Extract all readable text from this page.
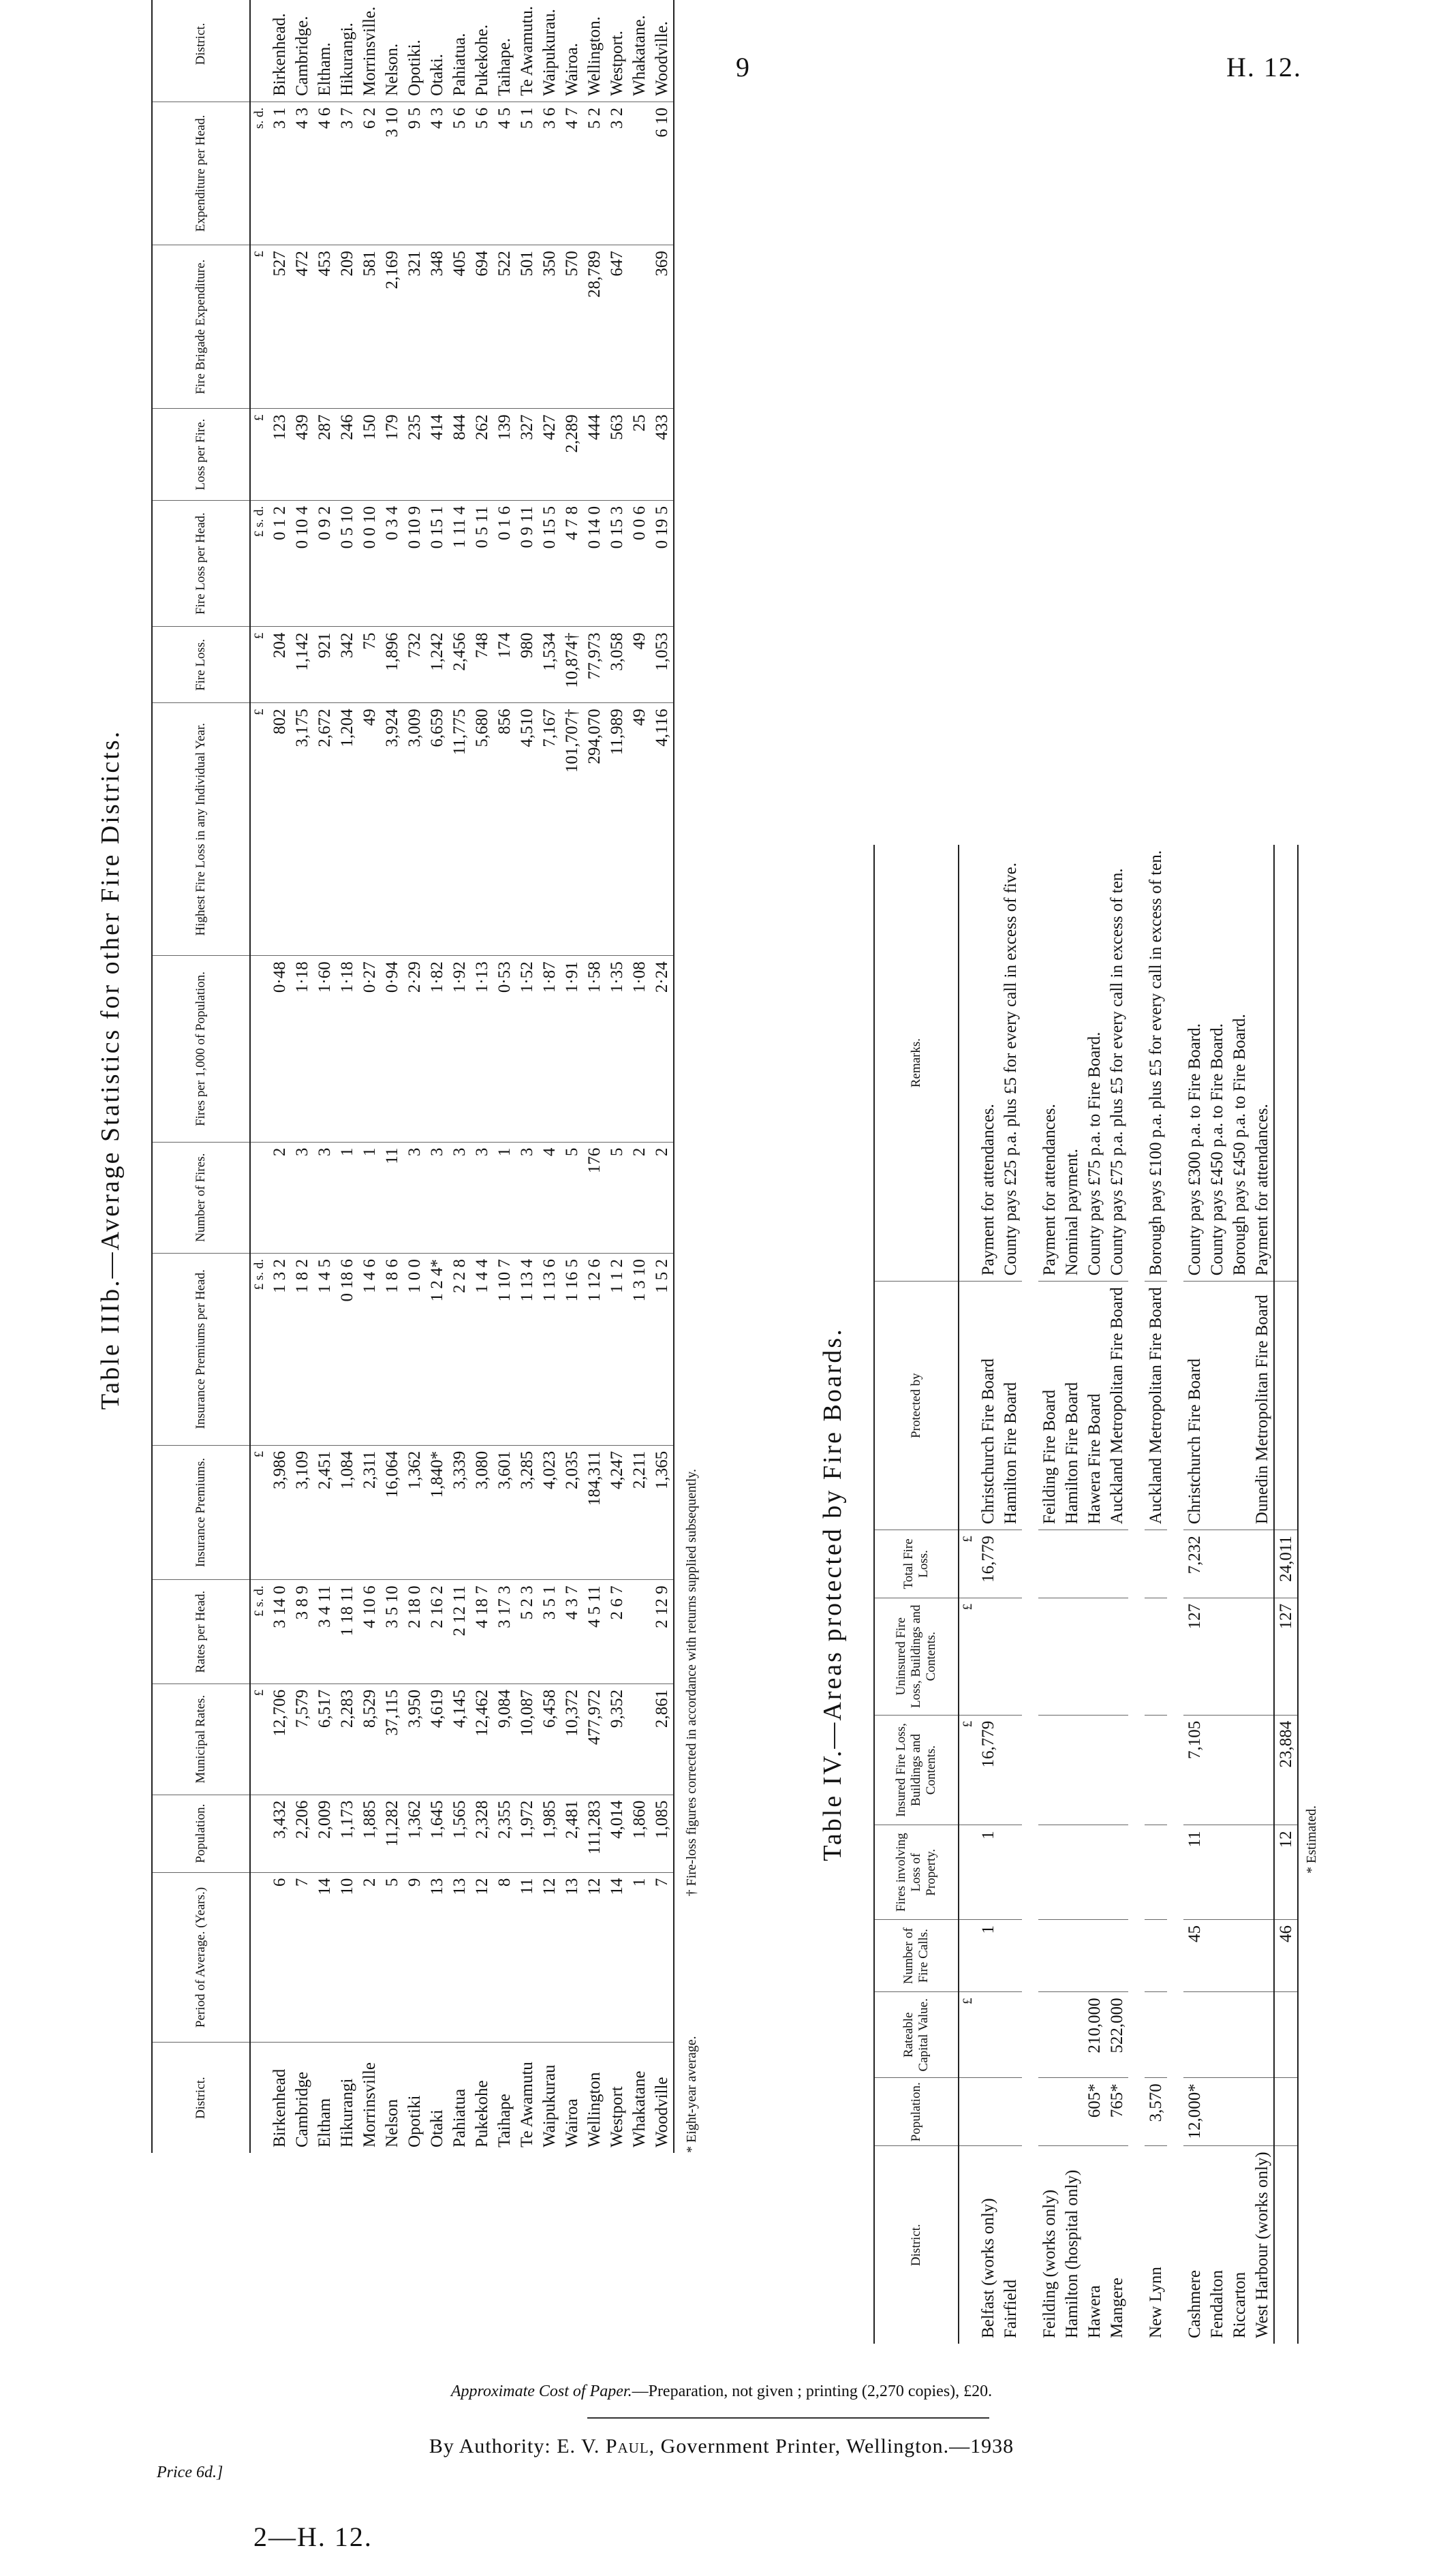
9	H. 12.
Table IIIb.—Average Statistics for other Fire Districts.
District.	Period of Average. (Years.)	Population.	Municipal Rates.	Rates per Head.	Insurance Premiums.	Insurance Premiums per Head.	Number of Fires.	Fires per 1,000 of Population.	Highest Fire Loss in any Individual Year.	Fire Loss.	Fire Loss per Head.	Loss per Fire.	Fire Brigade Expenditure.	Expenditure per Head.	District.
			£	£ s. d.	£	£ s. d.			£	£	£ s. d.	£	£	s. d.	
Birkenhead	6	3,432	12,706	3 14 0	3,986	1 3 2	2	0·48	802	204	0 1 2	123	527	3 1	Birkenhead.
Cambridge	7	2,206	7,579	3 8 9	3,109	1 8 2	3	1·18	3,175	1,142	0 10 4	439	472	4 3	Cambridge.
Eltham	14	2,009	6,517	3 4 11	2,451	1 4 5	3	1·60	2,672	921	0 9 2	287	453	4 6	Eltham.
Hikurangi	10	1,173	2,283	1 18 11	1,084	0 18 6	1	1·18	1,204	342	0 5 10	246	209	3 7	Hikurangi.
Morrinsville	2	1,885	8,529	4 10 6	2,311	1 4 6	1	0·27	49	75	0 0 10	150	581	6 2	Morrinsville.
Nelson	5	11,282	37,115	3 5 10	16,064	1 8 6	11	0·94	3,924	1,896	0 3 4	179	2,169	3 10	Nelson.
Opotiki	9	1,362	3,950	2 18 0	1,362	1 0 0	3	2·29	3,009	732	0 10 9	235	321	9 5	Opotiki.
Otaki	13	1,645	4,619	2 16 2	1,840*	1 2 4*	3	1·82	6,659	1,242	0 15 1	414	348	4 3	Otaki.
Pahiatua	13	1,565	4,145	2 12 11	3,339	2 2 8	3	1·92	11,775	2,456	1 11 4	844	405	5 6	Pahiatua.
Pukekohe	12	2,328	12,462	4 18 7	3,080	1 4 4	3	1·13	5,680	748	0 5 11	262	694	5 6	Pukekohe.
Taihape	8	2,355	9,084	3 17 3	3,601	1 10 7	1	0·53	856	174	0 1 6	139	522	4 5	Taihape.
Te Awamutu	11	1,972	10,087	5 2 3	3,285	1 13 4	3	1·52	4,510	980	0 9 11	327	501	5 1	Te Awamutu.
Waipukurau	12	1,985	6,458	3 5 1	4,023	1 13 6	4	1·87	7,167	1,534	0 15 5	427	350	3 6	Waipukurau.
Wairoa	13	2,481	10,372	4 3 7	2,035	1 16 5	5	1·91	101,707†	10,874†	4 7 8	2,289	570	4 7	Wairoa.
Wellington	12	111,283	477,972	4 5 11	184,311	1 12 6	176	1·58	294,070	77,973	0 14 0	444	28,789	5 2	Wellington.
Westport	14	4,014	9,352	2 6 7	4,247	1 1 2	5	1·35	11,989	3,058	0 15 3	563	647	3 2	Westport.
Whakatane	1	1,860			2,211	1 3 10	2	1·08	49	49	0 0 6	25			Whakatane.
Woodville	7	1,085	2,861	2 12 9	1,365	1 5 2	2	2·24	4,116	1,053	0 19 5	433	369	6 10	Woodville.
* Eight-year average. † Fire-loss figures corrected in accordance with returns supplied subsequently.	Table IV.—Areas protected by Fire Boards.
District.	Population.	Rateable Capital Value.	Number of Fire Calls.	Fires involving Loss of Property.	Insured Fire Loss, Buildings and Contents.	Uninsured Fire Loss, Buildings and Contents.	Total Fire Loss.	Protected by	Remarks.
		£			£	£	£		
Belfast (works only)			1	1	16,779		16,779	Christchurch Fire Board	Payment for attendances.
Fairfield								Hamilton Fire Board	County pays £25 p.a. plus £5 for every call in excess of five.

Feilding (works only)								Feilding Fire Board	Payment for attendances.
Hamilton (hospital only)								Hamilton Fire Board	Nominal payment.
Hawera	605*	210,000						Hawera Fire Board	County pays £75 p.a. to Fire Board.
Mangere	765*	522,000						Auckland Metropolitan Fire Board	County pays £75 p.a. plus £5 for every call in excess of ten.

New Lynn	3,570							Auckland Metropolitan Fire Board	Borough pays £100 p.a. plus £5 for every call in excess of ten.

Cashmere	12,000*		45	11	7,105	127	7,232	Christchurch Fire Board	County pays £300 p.a. to Fire Board.
Fendalton									County pays £450 p.a. to Fire Board.
Riccarton									Borough pays £450 p.a. to Fire Board.
West Harbour (works only)								Dunedin Metropolitan Fire Board	Payment for attendances.
			46	12	23,884	127	24,011		
* Estimated.
Approximate Cost of Paper.—Preparation, not given ; printing (2,270 copies), £20.
By Authority: E. V. Paul, Government Printer, Wellington.—1938
Price 6d.]
2—H. 12.
